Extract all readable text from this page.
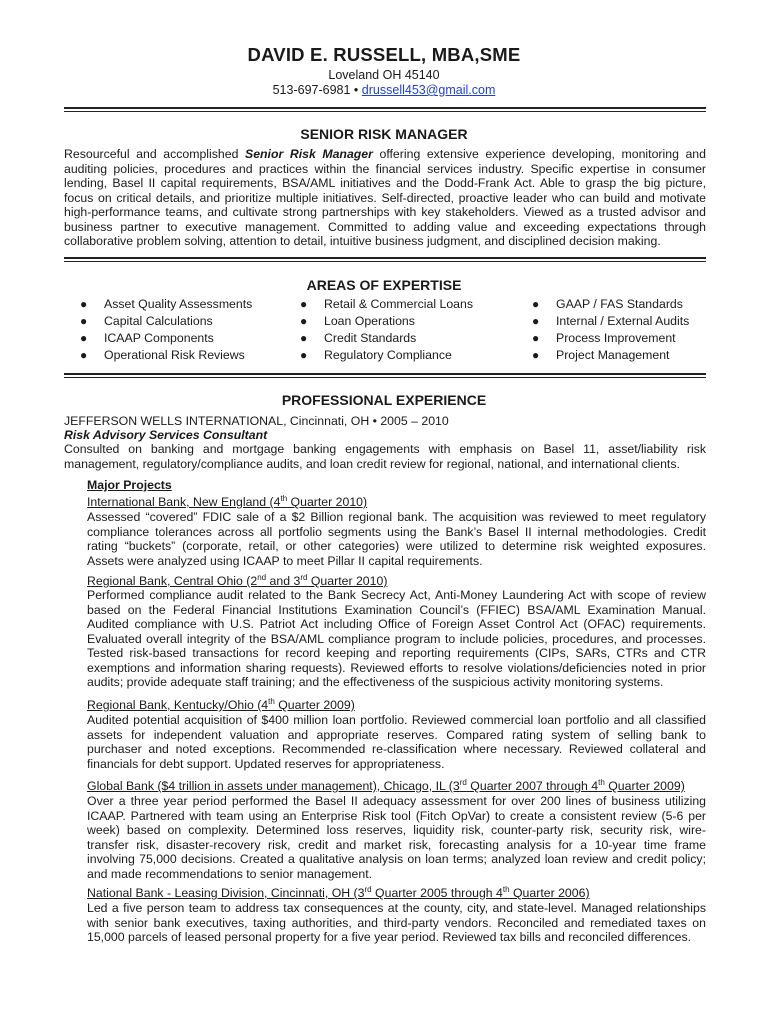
DAVID E. RUSSELL, MBA,SME
Loveland OH 45140
513-697-6981 • drussell453@gmail.com
SENIOR RISK MANAGER
Resourceful and accomplished Senior Risk Manager offering extensive experience developing, monitoring and
auditing policies, procedures and practices within the financial services industry. Specific expertise in consumer
lending, Basel II capital requirements, BSA/AML initiatives and the Dodd-Frank Act. Able to grasp the big picture,
focus on critical details, and prioritize multiple initiatives. Self-directed, proactive leader who can build and motivate
high-performance teams, and cultivate strong partnerships with key stakeholders. Viewed as a trusted advisor and
business partner to executive management. Committed to adding value and exceeding expectations through
collaborative problem solving, attention to detail, intuitive business judgment, and disciplined decision making.
AREAS OF EXPERTISE
● Asset Quality Assessments
● Capital Calculations
● ICAAP Components
● Operational Risk Reviews
● Retail & Commercial Loans
● Loan Operations
● Credit Standards
● Regulatory Compliance
● GAAP / FAS Standards
● Internal / External Audits
● Process Improvement
● Project Management
PROFESSIONAL EXPERIENCE
JEFFERSON WELLS INTERNATIONAL, Cincinnati, OH • 2005 – 2010
Risk Advisory Services Consultant
Consulted on banking and mortgage banking engagements with emphasis on Basel 11, asset/liability risk
management, regulatory/compliance audits, and loan credit review for regional, national, and international clients.
Major Projects
International Bank, New England (4th Quarter 2010)
Assessed “covered” FDIC sale of a $2 Billion regional bank. The acquisition was reviewed to meet regulatory
compliance tolerances across all portfolio segments using the Bank’s Basel II internal methodologies. Credit
rating “buckets” (corporate, retail, or other categories) were utilized to determine risk weighted exposures.
Assets were analyzed using ICAAP to meet Pillar II capital requirements.
Regional Bank, Central Ohio (2nd and 3rd Quarter 2010)
Performed compliance audit related to the Bank Secrecy Act, Anti-Money Laundering Act with scope of review
based on the Federal Financial Institutions Examination Council’s (FFIEC) BSA/AML Examination Manual.
Audited compliance with U.S. Patriot Act including Office of Foreign Asset Control Act (OFAC) requirements.
Evaluated overall integrity of the BSA/AML compliance program to include policies, procedures, and processes.
Tested risk-based transactions for record keeping and reporting requirements (CIPs, SARs, CTRs and CTR
exemptions and information sharing requests). Reviewed efforts to resolve violations/deficiencies noted in prior
audits; provide adequate staff training; and the effectiveness of the suspicious activity monitoring systems.
Regional Bank, Kentucky/Ohio (4th Quarter 2009)
Audited potential acquisition of $400 million loan portfolio. Reviewed commercial loan portfolio and all classified
assets for independent valuation and appropriate reserves. Compared rating system of selling bank to
purchaser and noted exceptions. Recommended re-classification where necessary. Reviewed collateral and
financials for debt support. Updated reserves for appropriateness.
Global Bank ($4 trillion in assets under management), Chicago, IL (3rd Quarter 2007 through 4th Quarter 2009)
Over a three year period performed the Basel II adequacy assessment for over 200 lines of business utilizing
ICAAP. Partnered with team using an Enterprise Risk tool (Fitch OpVar) to create a consistent review (5-6 per
week) based on complexity. Determined loss reserves, liquidity risk, counter-party risk, security risk, wire-
transfer risk, disaster-recovery risk, credit and market risk, forecasting analysis for a 10-year time frame
involving 75,000 decisions. Created a qualitative analysis on loan terms; analyzed loan review and credit policy;
and made recommendations to senior management.
National Bank - Leasing Division, Cincinnati, OH (3rd Quarter 2005 through 4th Quarter 2006)
Led a five person team to address tax consequences at the county, city, and state-level. Managed relationships
with senior bank executives, taxing authorities, and third-party vendors. Reconciled and remediated taxes on
15,000 parcels of leased personal property for a five year period. Reviewed tax bills and reconciled differences.
